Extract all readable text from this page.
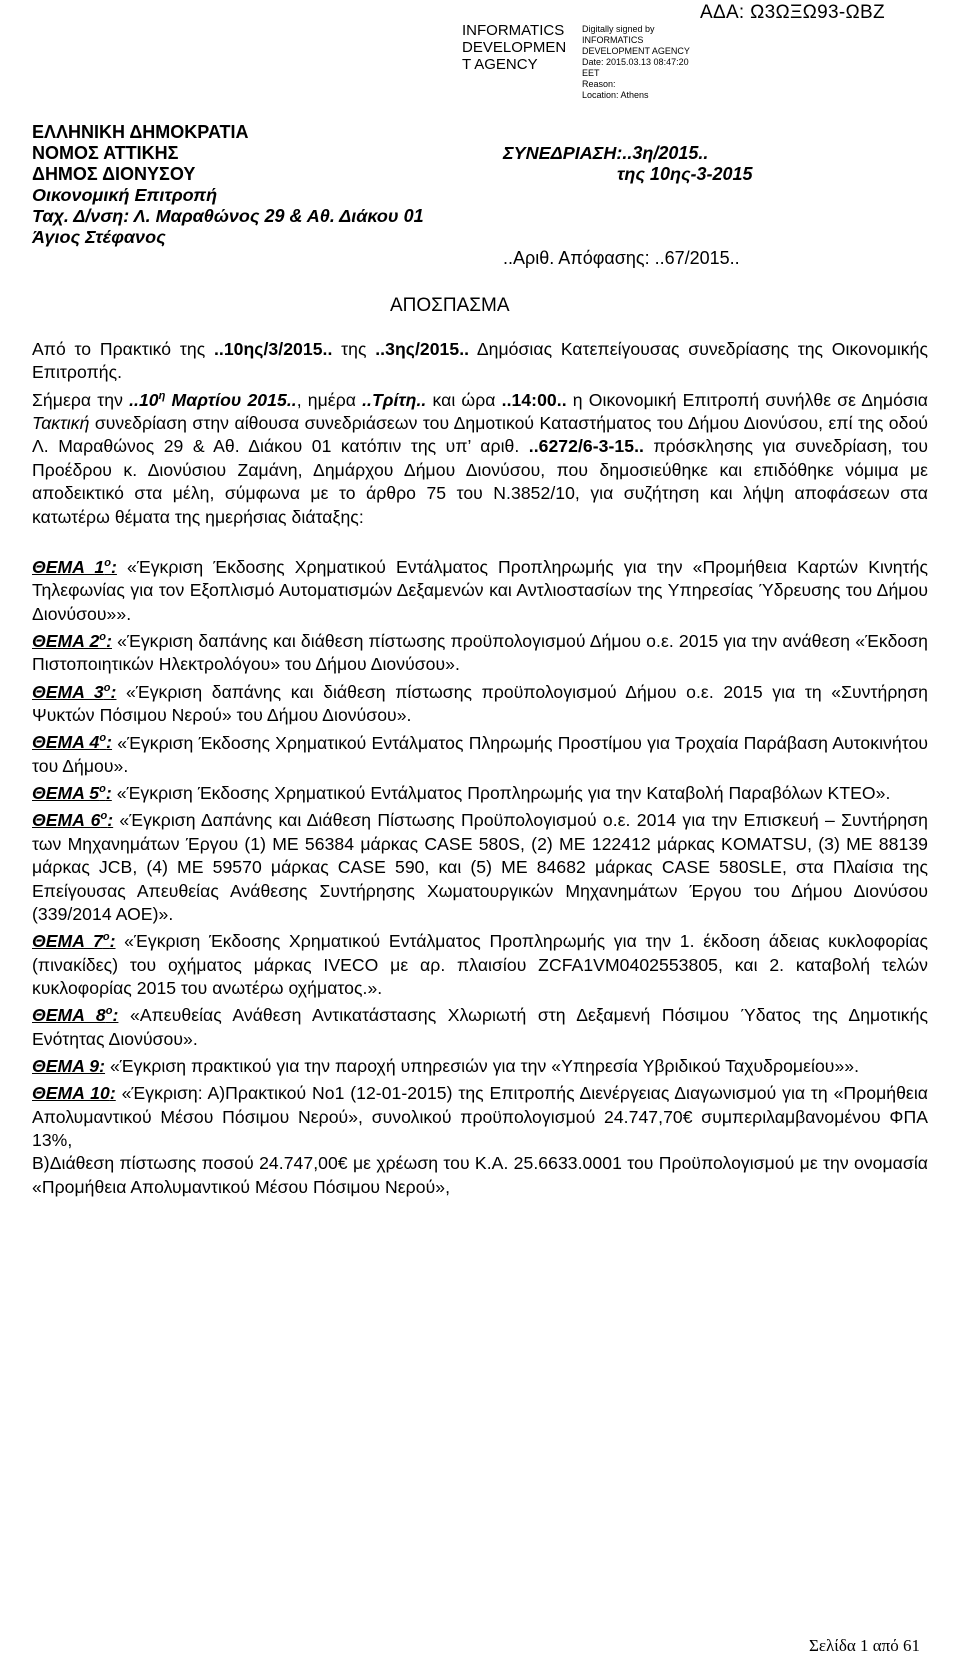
INFORMATICS
DEVELOPMEN
T AGENCY
Digitally signed by
INFORMATICS
DEVELOPMENT AGENCY
Date: 2015.03.13 08:47:20
EET
Reason:
Location: Athens
ΑΔΑ: Ω3ΩΞΩ93-ΩΒΖ
ΕΛΛΗΝΙΚΗ ΔΗΜΟΚΡΑΤΙΑ
ΝΟΜΟΣ ΑΤΤΙΚΗΣ
ΔΗΜΟΣ ΔΙΟΝΥΣΟΥ
Οικονομική Επιτροπή
Ταχ. Δ/νση: Λ. Μαραθώνος 29 & Αθ. Διάκου 01
Άγιος Στέφανος
ΣΥΝΕΔΡΙΑΣΗ:..3η/2015..
της 10ης-3-2015
..Αριθ. Απόφασης: ..67/2015..
ΑΠΟΣΠΑΣΜΑ

Από το Πρακτικό της ..10ης/3/2015.. της ..3ης/2015.. Δημόσιας Κατεπείγουσας συνεδρίασης της Οικονομικής Επιτροπής.

Σήμερα την $..10^\eta$ Μαρτίου 2015.., ημέρα ..Τρίτη.. και ώρα ..14:00.. η Οικονομική Επιτροπή συνήλθε σε Δημόσια Τακτική συνεδρίαση στην αίθουσα συνεδριάσεων του Δημοτικού Καταστήματος του Δήμου Διονύσου, επί της οδού Λ. Μαραθώνος 29 & Αθ. Διάκου 01 κατόπιν της υπ’ αριθ. ..6272/6-3-15.. πρόσκλησης για συνεδρίαση, του Προέδρου κ. Διονύσιου Ζαμάνη, Δημάρχου Δήμου Διονύσου, που δημοσιεύθηκε και επιδόθηκε νόμιμα με αποδεικτικό στα μέλη, σύμφωνα με το άρθρο 75 του Ν.3852/10, για συζήτηση και λήψη αποφάσεων στα κατωτέρω θέματα της ημερήσιας διάταξης:

ΘΕΜΑ $1^o$: «Έγκριση Έκδοσης Χρηματικού Εντάλματος Προπληρωμής για την «Προμήθεια Καρτών Κινητής Τηλεφωνίας για τον Εξοπλισμό Αυτοματισμών Δεξαμενών και Αντλιοστασίων της Υπηρεσίας Ύδρευσης του Δήμου Διονύσου»».

ΘΕΜΑ $2^o$: «Έγκριση δαπάνης και διάθεση πίστωσης προϋπολογισμού Δήμου ο.ε. 2015 για την ανάθεση «Έκδοση Πιστοποιητικών Ηλεκτρολόγου» του Δήμου Διονύσου».

ΘΕΜΑ $3^o$: «Έγκριση δαπάνης και διάθεση πίστωσης προϋπολογισμού Δήμου ο.ε. 2015 για τη «Συντήρηση Ψυκτών Πόσιμου Νερού» του Δήμου Διονύσου».

ΘΕΜΑ $4^o$: «Έγκριση Έκδοσης Χρηματικού Εντάλματος Πληρωμής Προστίμου για Τροχαία Παράβαση Αυτοκινήτου του Δήμου».

ΘΕΜΑ $5^o$: «Έγκριση Έκδοσης Χρηματικού Εντάλματος Προπληρωμής για την Καταβολή Παραβόλων ΚΤΕΟ».

ΘΕΜΑ $6^o$: «Έγκριση Δαπάνης και Διάθεση Πίστωσης Προϋπολογισμού ο.ε. 2014 για την Επισκευή – Συντήρηση των Μηχανημάτων Έργου (1) ΜΕ 56384 μάρκας CASE 580S, (2) ΜΕ 122412 μάρκας KOMATSU, (3) ΜΕ 88139 μάρκας JCB, (4) ΜΕ 59570 μάρκας CASE 590, και (5) ΜΕ 84682 μάρκας CASE 580SLE, στα Πλαίσια της Επείγουσας Απευθείας Ανάθεσης Συντήρησης Χωματουργικών Μηχανημάτων Έργου του Δήμου Διονύσου (339/2014 ΑΟΕ)».

ΘΕΜΑ $7^o$: «Έγκριση Έκδοσης Χρηματικού Εντάλματος Προπληρωμής για την 1. έκδοση άδειας κυκλοφορίας (πινακίδες) του οχήματος μάρκας IVECO με αρ. πλαισίου ZCFA1VM0402553805, και 2. καταβολή τελών κυκλοφορίας 2015 του ανωτέρω οχήματος.».

ΘΕΜΑ $8^o$: «Απευθείας Ανάθεση Αντικατάστασης Χλωριωτή στη Δεξαμενή Πόσιμου Ύδατος της Δημοτικής Ενότητας Διονύσου».

ΘΕΜΑ 9: «Έγκριση πρακτικού για την παροχή υπηρεσιών για την «Υπηρεσία Υβριδικού Ταχυδρομείου»».

ΘΕΜΑ 10: «Έγκριση: Α)Πρακτικού Νο1 (12-01-2015) της Επιτροπής Διενέργειας Διαγωνισμού για τη «Προμήθεια Απολυμαντικού Μέσου Πόσιμου Νερού», συνολικού προϋπολογισμού 24.747,70€ συμπεριλαμβανομένου ΦΠΑ 13%,

Β)Διάθεση πίστωσης ποσού 24.747,00€ με χρέωση του Κ.Α. 25.6633.0001 του Προϋπολογισμού με την ονομασία «Προμήθεια Απολυμαντικού Μέσου Πόσιμου Νερού»,

Σελίδα 1 από 61
